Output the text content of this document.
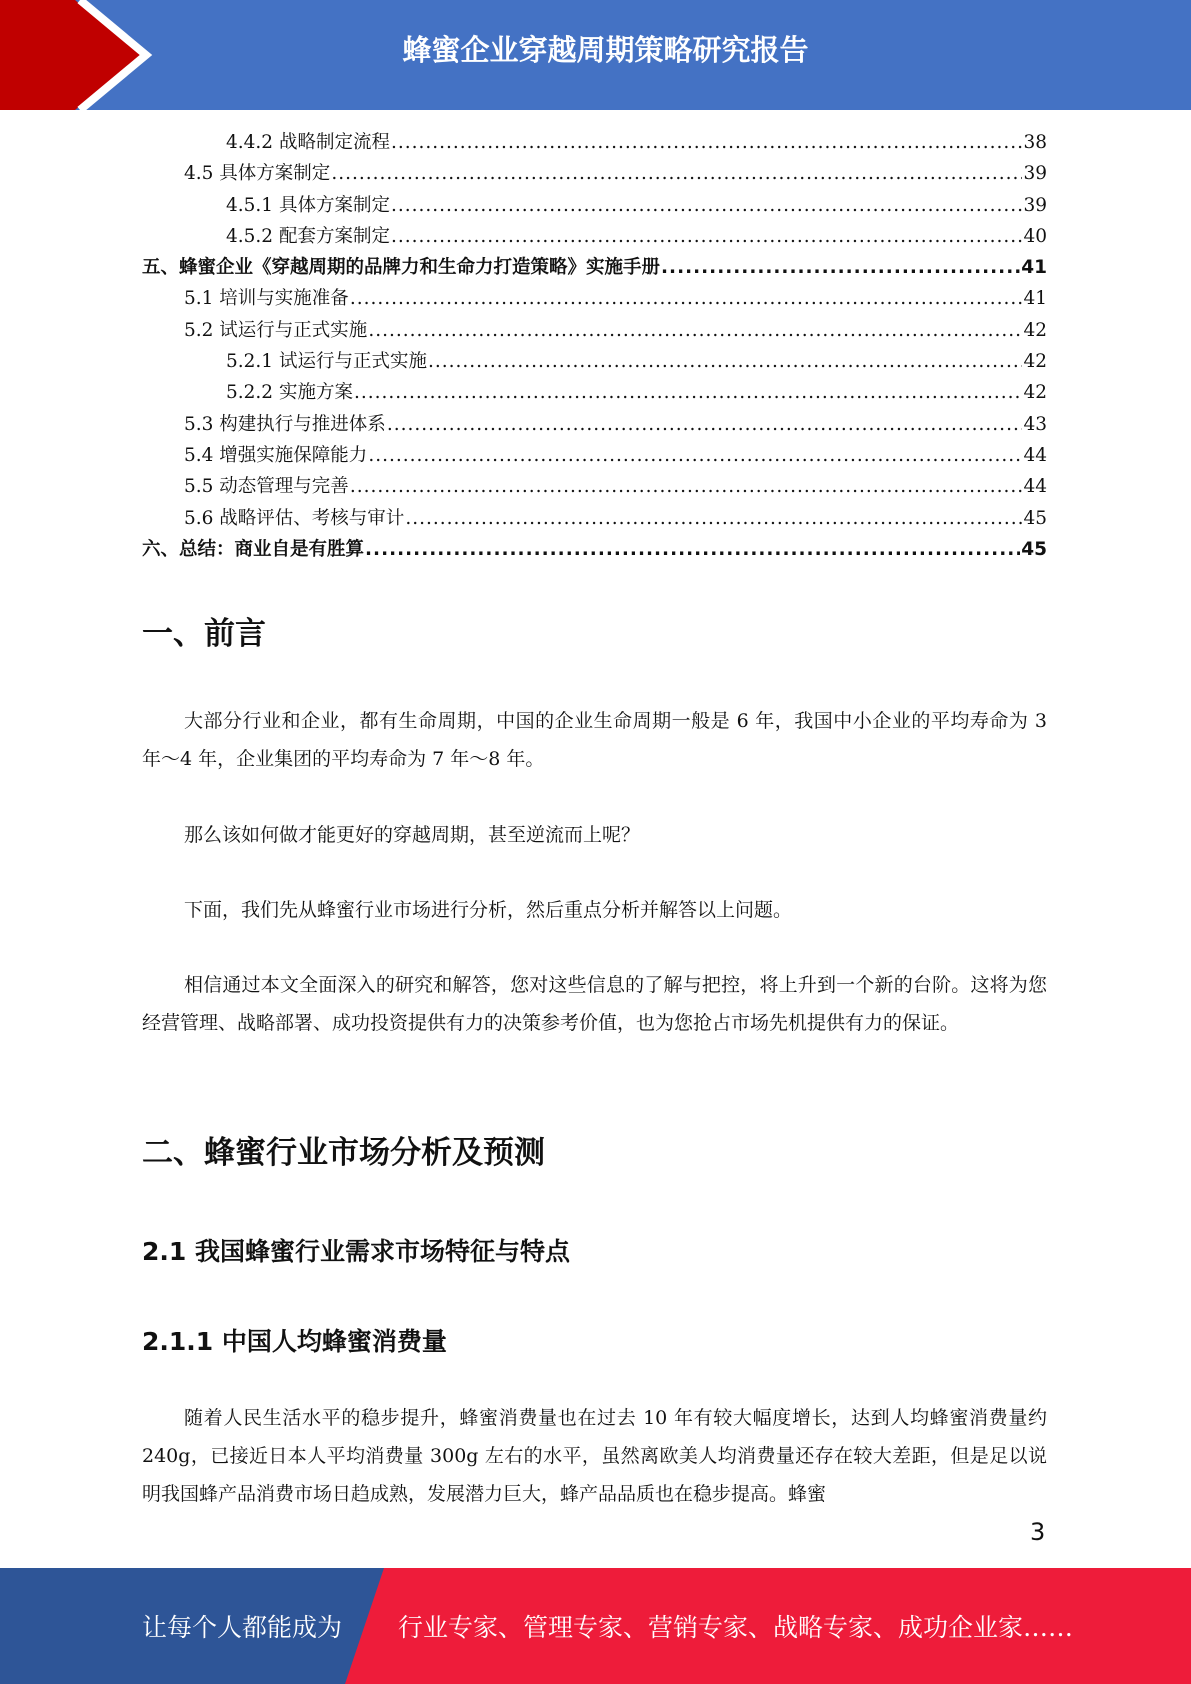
蜂蜜企业穿越周期策略研究报告
4.4.2 战略制定流程 .....	38
4.5 具体方案制定 .....	39
4.5.1 具体方案制定 .....	39
4.5.2 配套方案制定 .....	40
五、蜂蜜企业《穿越周期的品牌力和生命力打造策略》实施手册 .....	41
5.1 培训与实施准备 .....	41
5.2 试运行与正式实施 .....	42
5.2.1 试运行与正式实施 .....	42
5.2.2 实施方案 .....	42
5.3 构建执行与推进体系 .....	43
5.4 增强实施保障能力 .....	44
5.5 动态管理与完善 .....	44
5.6 战略评估、考核与审计 .....	45
六、总结：商业自是有胜算 .....	45
一、前言

大部分行业和企业，都有生命周期，中国的企业生命周期一般是 6 年，我国中小企业的平均寿命为 3 年～4 年，企业集团的平均寿命为 7 年～8 年。

那么该如何做才能更好的穿越周期，甚至逆流而上呢？

下面，我们先从蜂蜜行业市场进行分析，然后重点分析并解答以上问题。

相信通过本文全面深入的研究和解答，您对这些信息的了解与把控，将上升到一个新的台阶。这将为您经营管理、战略部署、成功投资提供有力的决策参考价值，也为您抢占市场先机提供有力的保证。

二、蜂蜜行业市场分析及预测
2.1 我国蜂蜜行业需求市场特征与特点
2.1.1 中国人均蜂蜜消费量

随着人民生活水平的稳步提升，蜂蜜消费量也在过去 10 年有较大幅度增长，达到人均蜂蜜消费量约 240g，已接近日本人平均消费量 300g 左右的水平，虽然离欧美人均消费量还存在较大差距，但是足以说明我国蜂产品消费市场日趋成熟，发展潜力巨大，蜂产品品质也在稳步提高。蜂蜜

3
让每个人都能成为 行业专家、管理专家、营销专家、战略专家、成功企业家……
